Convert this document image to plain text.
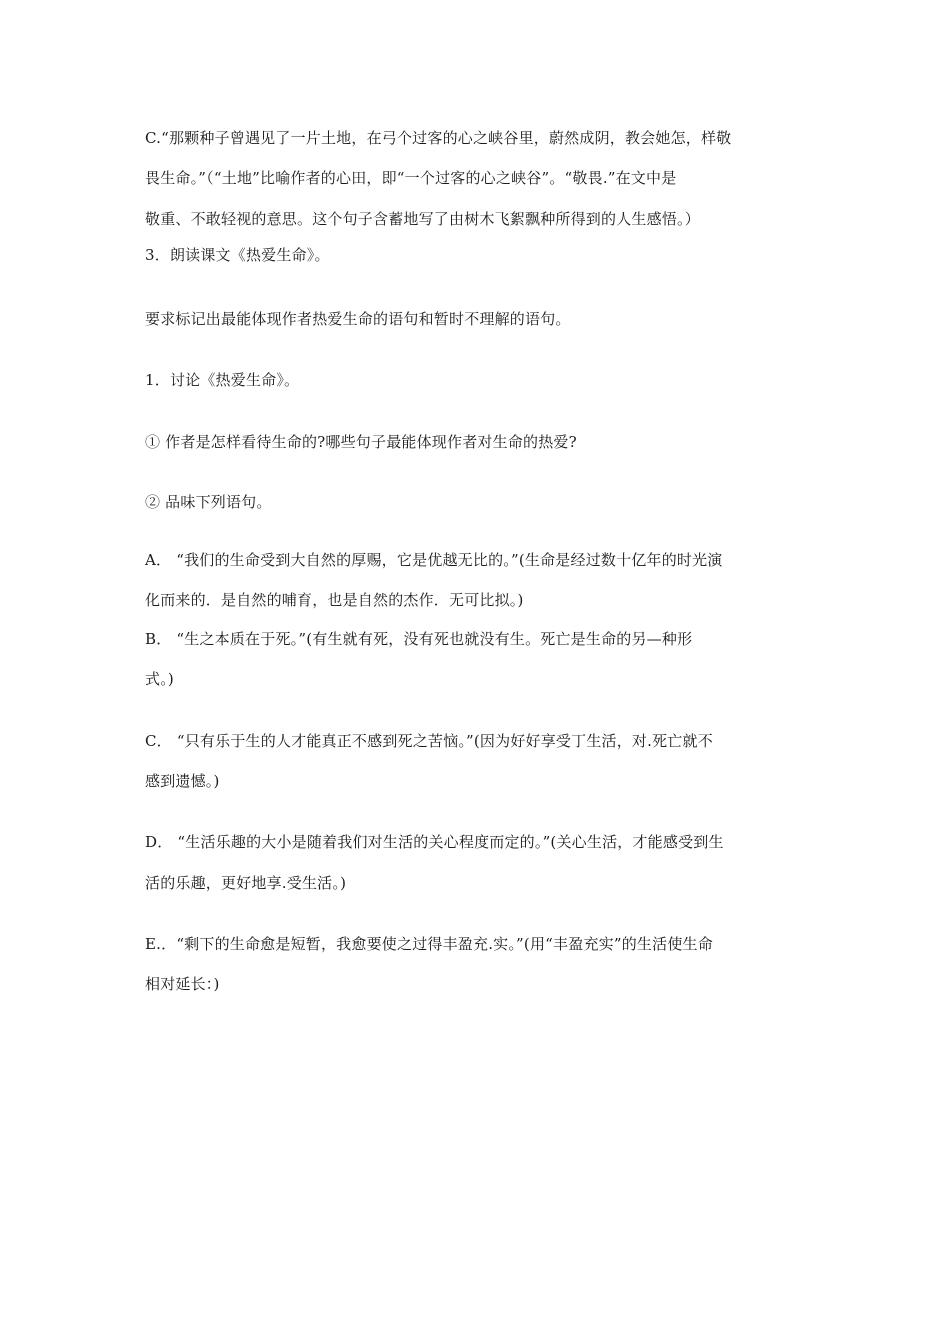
C.“那颗种子曾遇见了一片土地，在弓个过客的心之峡谷里，蔚然成阴，教会她怎，样敬
畏生命。”（“土地”比喻作者的心田，即“一个过客的心之峡谷”。“敬畏.”在文中是
敬重、不敢轻视的意思。这个句子含蓄地写了由树木飞絮飘种所得到的人生感悟。）
3．朗读课文《热爱生命》。
要求标记出最能体现作者热爱生命的语句和暂时不理解的语句。
1．讨论《热爱生命》。
① 作者是怎样看待生命的?哪些句子最能体现作者对生命的热爱?
② 品味下列语句。
A． “我们的生命受到大自然的厚赐，它是优越无比的。”(生命是经过数十亿年的时光演
化而来的．是自然的哺育，也是自然的杰作．无可比拟。)
B． “生之本质在于死。”(有生就有死，没有死也就没有生。死亡是生命的另—种形
式。)
C． “只有乐于生的人才能真正不感到死之苦恼。”(因为好好享受丁生活，对.死亡就不
感到遗憾。)
D． “生活乐趣的大小是随着我们对生活的关心程度而定的。”(关心生活，才能感受到生
活的乐趣，更好地享.受生活。)
E.．“剩下的生命愈是短暂，我愈要使之过得丰盈充.实。”(用“丰盈充实”的生活使生命
相对延长：)
